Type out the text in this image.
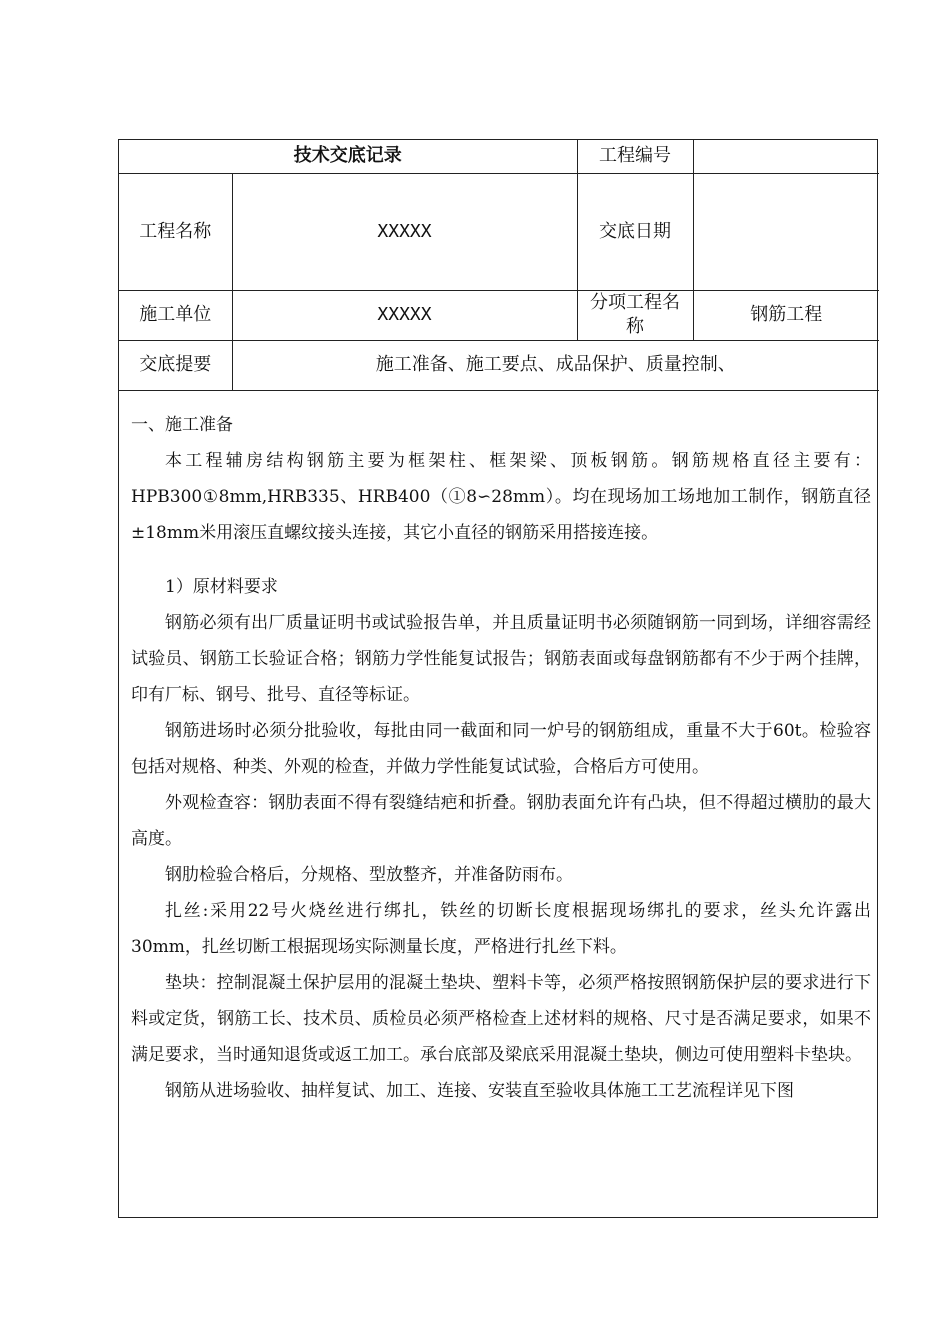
技术交底记录		工程编号	
工程名称	XXXXX	交底日期	
施工单位	XXXXX	分项工程名称	钢筋工程
交底提要	施工准备、施工要点、成品保护、质量控制、		

一、施工准备

本工程辅房结构钢筋主要为框架柱、框架梁、顶板钢筋。钢筋规格直径主要有：HPB300①8mm,HRB335、HRB400（①8∽28mm）。均在现场加工场地加工制作，钢筋直径±18mm米用滚压直螺纹接头连接，其它小直径的钢筋采用搭接连接。

1）原材料要求

钢筋必须有出厂质量证明书或试验报告单，并且质量证明书必须随钢筋一同到场，详细容需经试验员、钢筋工长验证合格；钢筋力学性能复试报告；钢筋表面或每盘钢筋都有不少于两个挂牌，印有厂标、钢号、批号、直径等标证。

钢筋进场时必须分批验收，每批由同一截面和同一炉号的钢筋组成，重量不大于60t。检验容包括对规格、种类、外观的检查，并做力学性能复试试验，合格后方可使用。

外观检查容：钢肋表面不得有裂缝结疤和折叠。钢肋表面允许有凸块，但不得超过横肋的最大高度。

钢肋检验合格后，分规格、型放整齐，并准备防雨布。

扎丝:采用22号火烧丝进行绑扎，铁丝的切断长度根据现场绑扎的要求，丝头允许露出30mm，扎丝切断工根据现场实际测量长度，严格进行扎丝下料。

垫块：控制混凝土保护层用的混凝土垫块、塑料卡等，必须严格按照钢筋保护层的要求进行下料或定货，钢筋工长、技术员、质检员必须严格检查上述材料的规格、尺寸是否满足要求，如果不满足要求，当时通知退货或返工加工。承台底部及梁底采用混凝土垫块，侧边可使用塑料卡垫块。

钢筋从进场验收、抽样复试、加工、连接、安装直至验收具体施工工艺流程详见下图
